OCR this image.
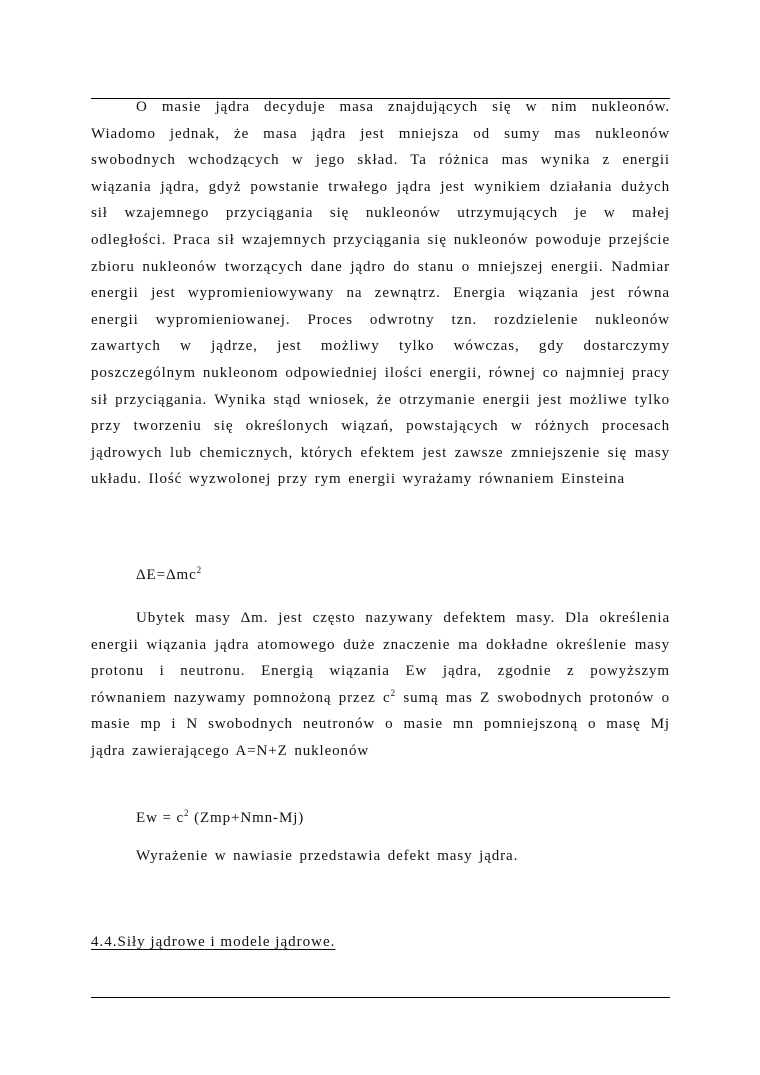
O masie jądra decyduje masa znajdujących się w nim nukleonów. Wiadomo jednak, że masa jądra jest mniejsza od sumy mas nukleonów swobodnych wchodzących w jego skład. Ta różnica mas wynika z energii wiązania jądra, gdyż powstanie trwałego jądra jest wynikiem działania dużych sił wzajemnego przyciągania się nukleonów utrzymujących je w małej odległości. Praca sił wzajemnych przyciągania się nukleonów powoduje przejście zbioru nukleonów tworzących dane jądro do stanu o mniejszej energii. Nadmiar energii jest wypromieniowywany na zewnątrz. Energia wiązania jest równa energii wypromieniowanej. Proces odwrotny tzn. rozdzielenie nukleonów zawartych w jądrze, jest możliwy tylko wówczas, gdy dostarczymy poszczególnym nukleonom odpowiedniej ilości energii, równej co najmniej pracy sił przyciągania. Wynika stąd wniosek, że otrzymanie energii jest możliwe tylko przy tworzeniu się określonych wiązań, powstających w różnych procesach jądrowych lub chemicznych, których efektem jest zawsze zmniejszenie się masy układu. Ilość wyzwolonej przy rym energii wyrażamy równaniem Einsteina

ΔE=Δmc$^2$

Ubytek masy Δm. jest często nazywany defektem masy. Dla określenia energii wiązania jądra atomowego duże znaczenie ma dokładne określenie masy protonu i neutronu. Energią wiązania Ew jądra, zgodnie z powyższym równaniem nazywamy pomnożoną przez $c^2$ sumą mas Z swobodnych protonów o masie mp i N swobodnych neutronów o masie mn pomniejszoną o masę Mj jądra zawierającego A=N+Z nukleonów

$Ew = c^2$ (Zmp+Nmn-Mj)
Wyrażenie w nawiasie przedstawia defekt masy jądra.
4.4.Siły jądrowe i modele jądrowe.
